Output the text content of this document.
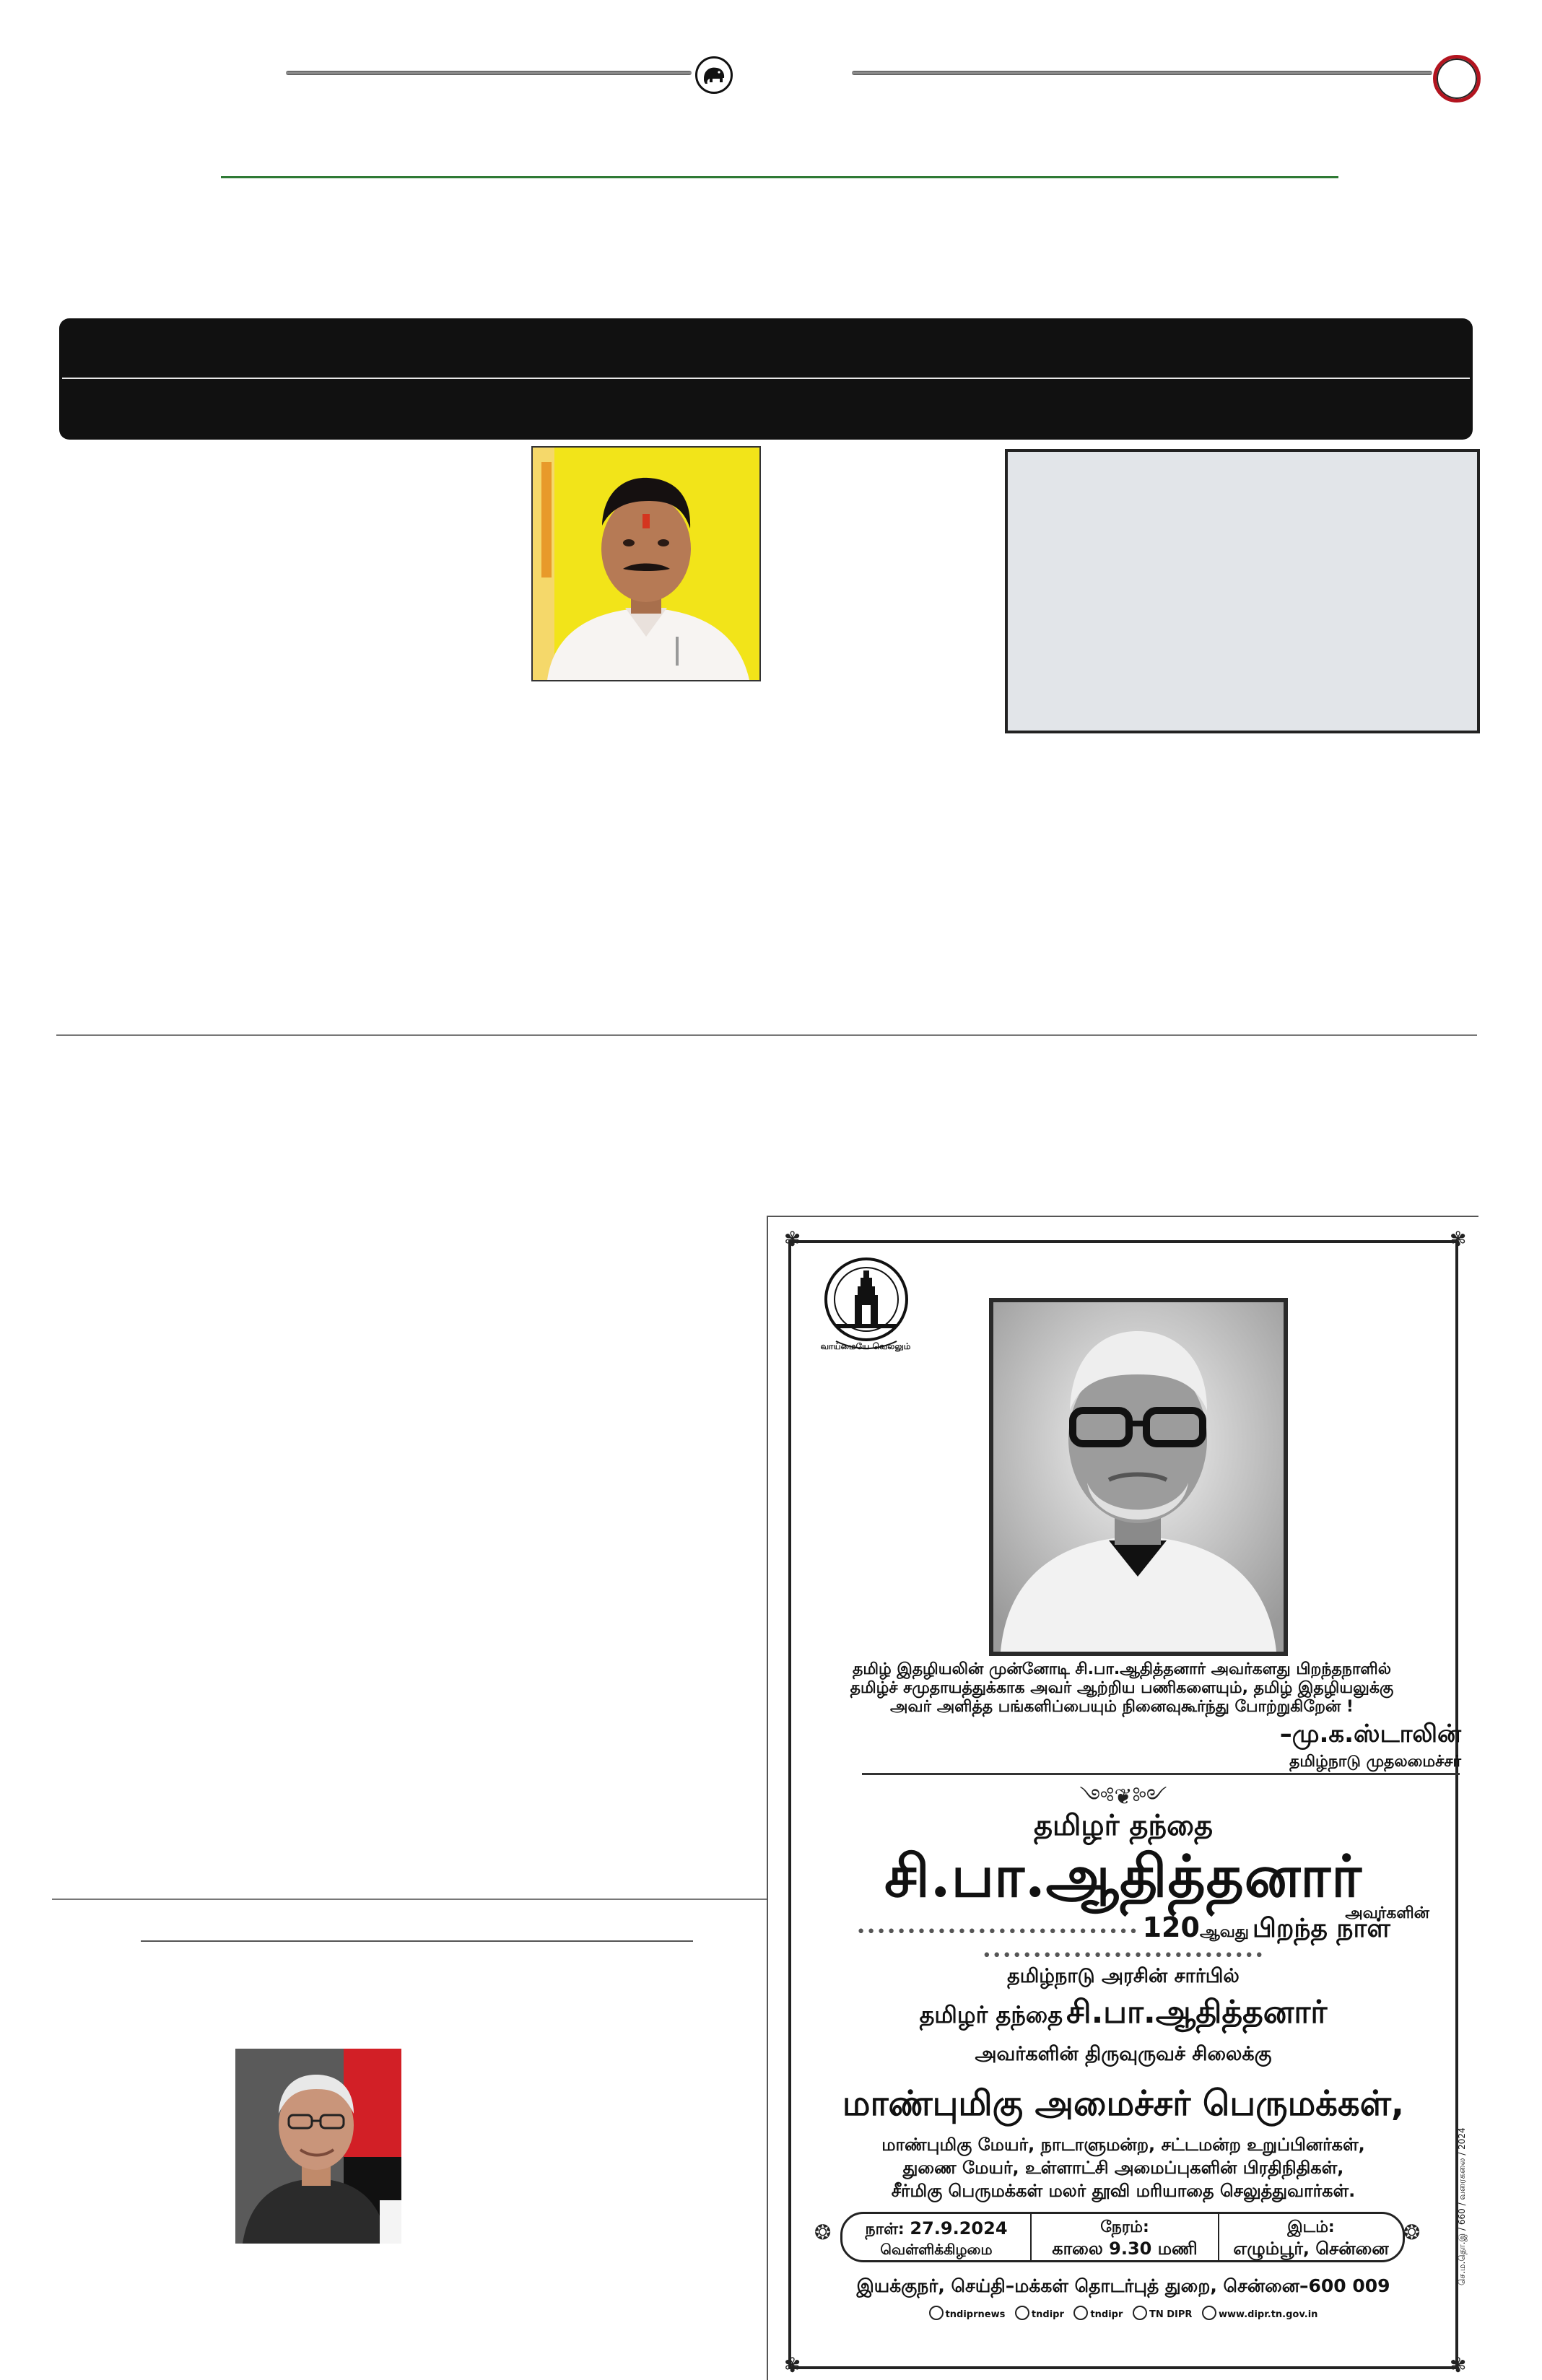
✾	✾
✾	✾
வாய்மையே வெல்லும்
தமிழ் இதழியலின் முன்னோடி சி.பா.ஆதித்தனார் அவர்களது பிறந்தநாளில்
தமிழ்ச் சமுதாயத்துக்காக அவர் ஆற்றிய பணிகளையும், தமிழ் இதழியலுக்கு
அவர் அளித்த பங்களிப்பையும் நினைவுகூர்ந்து போற்றுகிறேன் !
–மு.க.ஸ்டாலின்
தமிழ்நாடு முதலமைச்சர்
༺❦༻
தமிழர் தந்தை
சி.பா.ஆதித்தனார்
அவர்களின்
•••••••••••••••••••••••••••• 120ஆவது பிறந்த நாள் ••••••••••••••••••••••••••••
தமிழ்நாடு அரசின் சார்பில்
தமிழர் தந்தை சி.பா.ஆதித்தனார்
அவர்களின் திருவுருவச் சிலைக்கு
மாண்புமிகு அமைச்சர் பெருமக்கள்,
மாண்புமிகு மேயர், நாடாளுமன்ற, சட்டமன்ற உறுப்பினர்கள்,
துணை மேயர், உள்ளாட்சி அமைப்புகளின் பிரதிநிதிகள்,
சீர்மிகு பெருமக்கள் மலர் தூவி மரியாதை செலுத்துவார்கள்.
நாள்: 27.9.2024
வெள்ளிக்கிழமை
நேரம்:
காலை 9.30 மணி
இடம்:
எழும்பூர், சென்னை
❂	❂	செ.ம.தொ.இ / 660 / வரைகலை / 2024
இயக்குநர், செய்தி–மக்கள் தொடர்புத் துறை, சென்னை–600 009
tndiprnews	tndipr	tndipr	TN DIPR	www.dipr.tn.gov.in
